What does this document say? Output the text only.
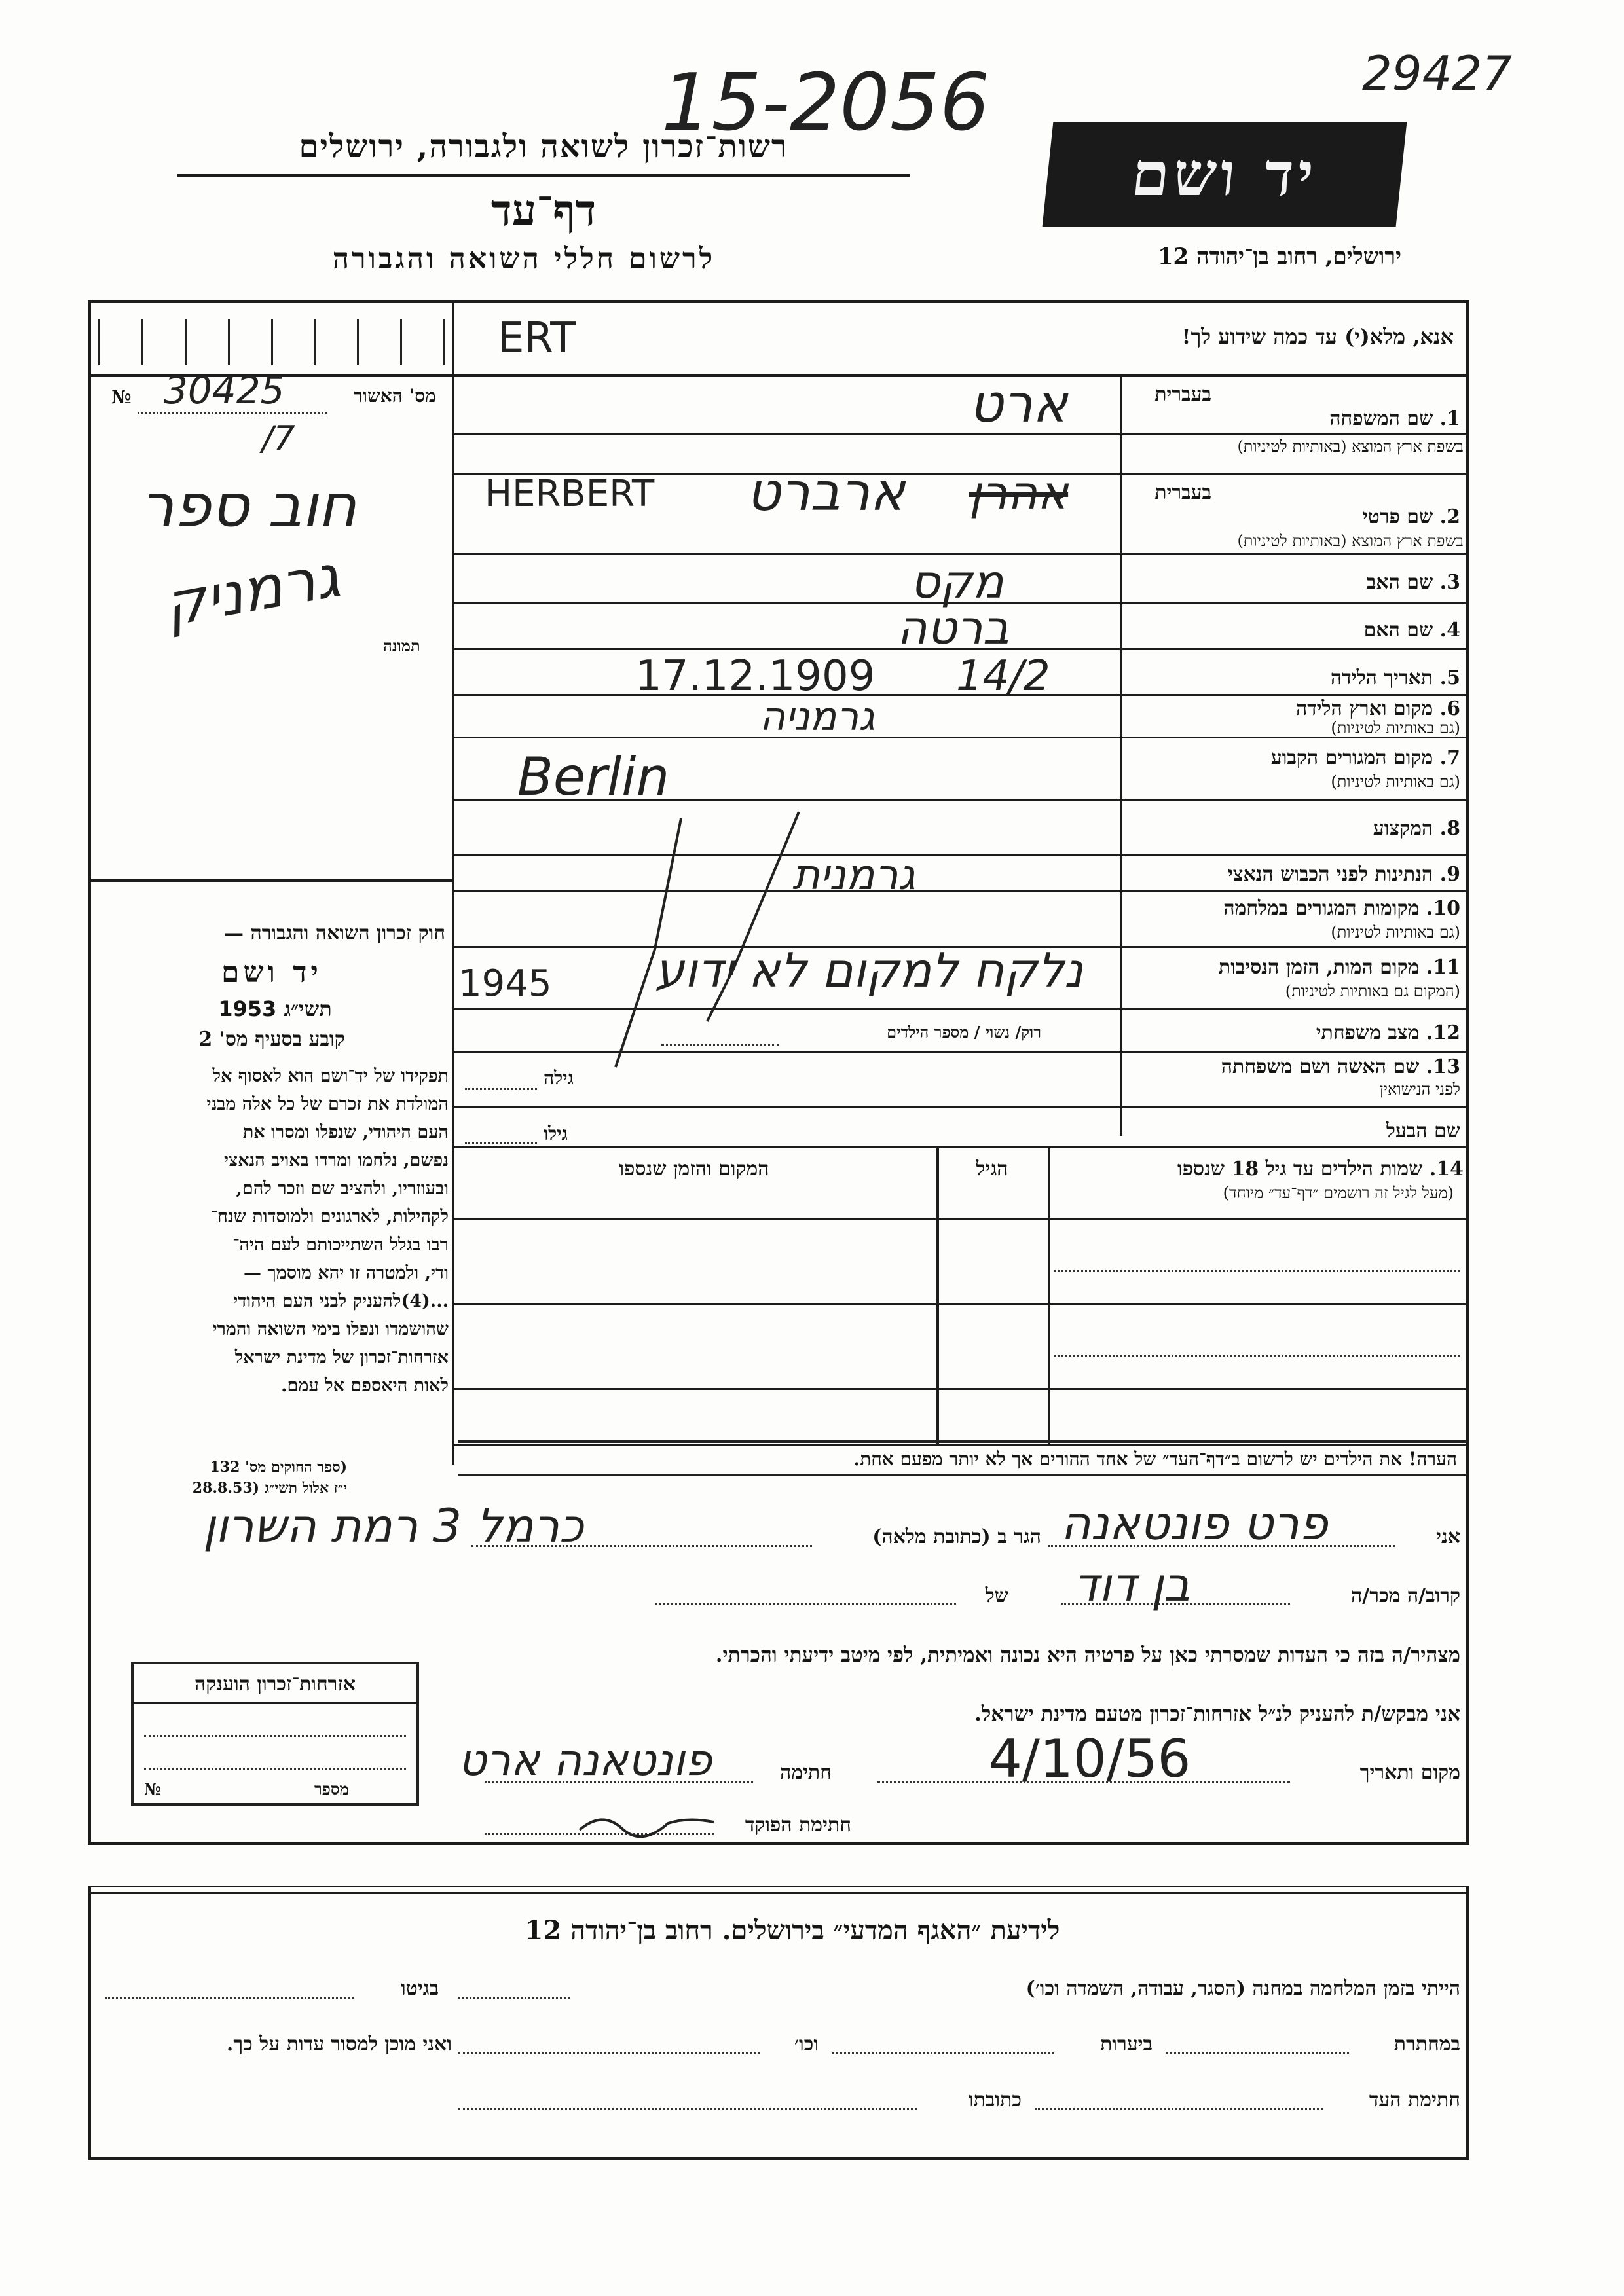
15-2056	29427
רשות־זכרון לשואה ולגבורה, ירושלים
דף־עד
לרשום חללי השואה והגבורה
יד ושם
ירושלים, רחוב בן־יהודה 12
ERT	אנא, מלא(י) עד כמה שידוע לך!
מס' האשור
№ 30425
/7
חוב ספר
גרמניק
תמונה
חוק זכרון השואה והגבורה —
יד ושם
תשי״ג 1953
קובע בסעיף מס' 2
תפקידו של יד־ושם הוא לאסוף אל
המולדת את זכרם של כל אלה מבני
העם היהודי, שנפלו ומסרו את
נפשם, נלחמו ומרדו באויב הנאצי
ובעוזריו, ולהציב שם וזכר להם,
לקהילות, לארגונים ולמוסדות שנח־
רבו בגלל השתייכותם לעם היה־
ודי, ולמטרה זו יהא מוסמך —
...(4)להעניק לבני העם היהודי
שהושמדו ונפלו בימי השואה והמרי
אזרחות־זכרון של מדינת ישראל
לאות היאספם אל עמם.
(ספר החוקים מס' 132
י״ז אלול תשי״ג (28.8.53
בעברית
1. שם המשפחה
בשפת ארץ המוצא (באותיות לטיניות)
ארט
בעברית
2. שם פרטי
בשפת ארץ המוצא (באותיות לטיניות)
HERBERT ארברט אהרן
3. שם האב
מקס
4. שם האם
ברטה
5. תאריך הלידה
17.12.1909 14/2
6. מקום וארץ הלידה
(גם באותיות לטיניות)
גרמניה
7. מקום המגורים הקבוע
(גם באותיות לטיניות)
Berlin
8. המקצוע
9. הנתינות לפני הכבוש הנאצי
גרמנית
10. מקומות המגורים במלחמה
(גם באותיות לטיניות)
11. מקום המות, הזמן הנסיבות
(המקום גם באותיות לטיניות)
1945 נלקח למקום לא ידוע
12. מצב משפחתי
רוק/ נשוי / מספר הילדים
13. שם האשה ושם משפחתה
לפני הנישואין
גילה
שם הבעל
גילו
14. שמות הילדים עד גיל 18 שנספו
(מעל לגיל זה רושמים ״דף־עד״ מיוחד)
הגיל
המקום והזמן שנספו
הערה! את הילדים יש לרשום ב״דף־העד״ של אחד ההורים אך לא יותר מפעם אחת.
אני
פרט פונטאנה
הגר ב (כתובת מלאה)
כרמל 3 רמת השרון
קרוב/ה מכר/ה
בן דוד
של
מצהיר/ה בזה כי העדות שמסרתי כאן על פרטיה היא נכונה ואמיתית, לפי מיטב ידיעתי והכרתי.
אני מבקש/ת להעניק לנ״ל אזרחות־זכרון מטעם מדינת ישראל.
מקום ותאריך
4/10/56
חתימה
פונטאנה ארט
חתימת הפוקד
אזרחות־זכרון הוענקה
מספר
№
לידיעת ״האגף המדעי״ בירושלים. רחוב בן־יהודה 12
הייתי בזמן המלחמה במחנה (הסגר, עבודה, השמדה וכו׳)
בגיטו
במחתרת
ביערות
וכו׳
ואני מוכן למסור עדות על כך.
חתימת העד
כתובתו
